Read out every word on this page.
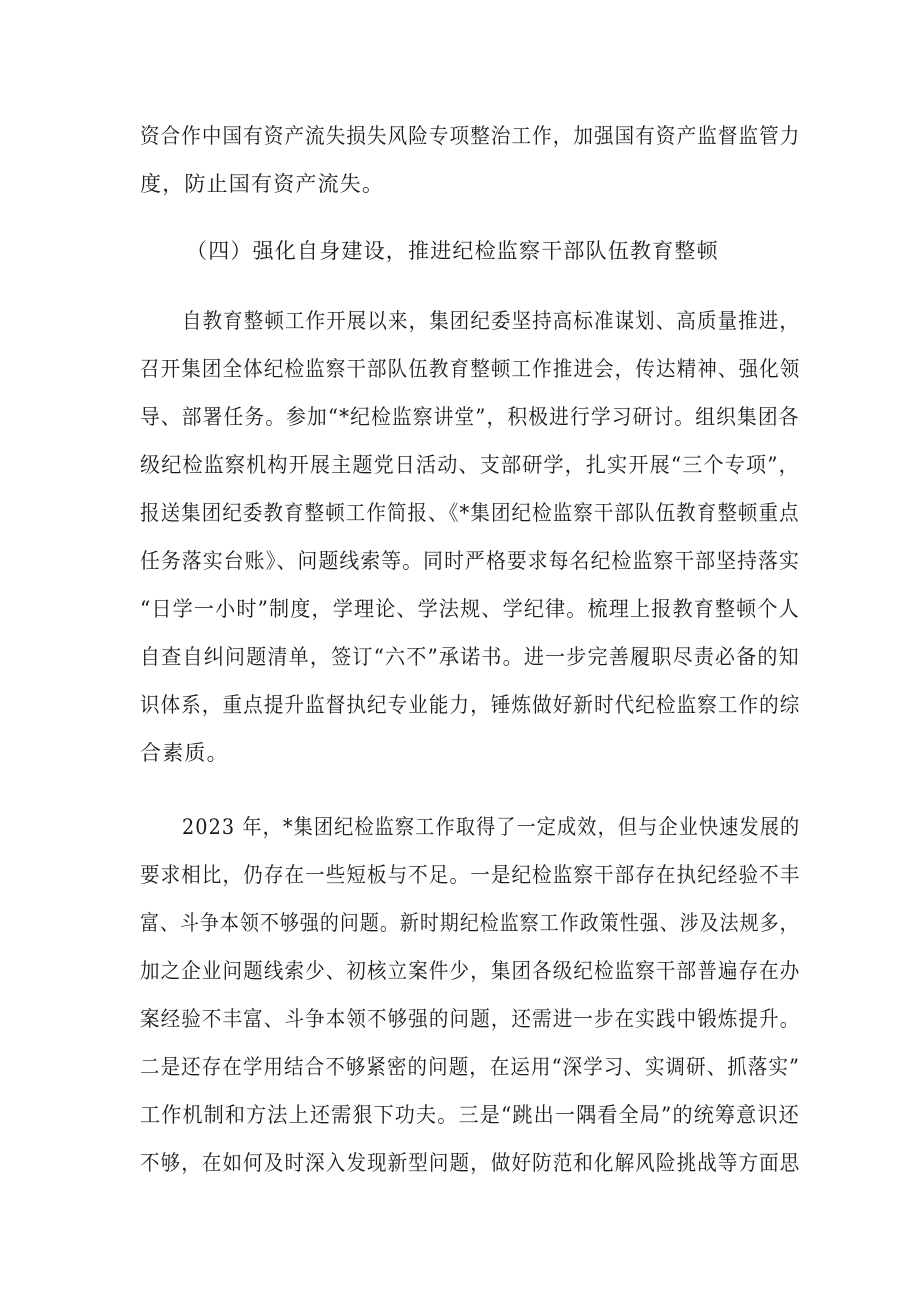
资合作中国有资产流失损失风险专项整治工作，加强国有资产监督监管力
度，防止国有资产流失。
（四）强化自身建设，推进纪检监察干部队伍教育整顿
自教育整顿工作开展以来，集团纪委坚持高标准谋划、高质量推进，
召开集团全体纪检监察干部队伍教育整顿工作推进会，传达精神、强化领
导、部署任务。参加“*纪检监察讲堂”，积极进行学习研讨。组织集团各
级纪检监察机构开展主题党日活动、支部研学，扎实开展“三个专项”，
报送集团纪委教育整顿工作简报、《*集团纪检监察干部队伍教育整顿重点
任务落实台账》、问题线索等。同时严格要求每名纪检监察干部坚持落实
“日学一小时”制度，学理论、学法规、学纪律。梳理上报教育整顿个人
自查自纠问题清单，签订“六不”承诺书。进一步完善履职尽责必备的知
识体系，重点提升监督执纪专业能力，锤炼做好新时代纪检监察工作的综
合素质。
2023 年，*集团纪检监察工作取得了一定成效，但与企业快速发展的
要求相比，仍存在一些短板与不足。一是纪检监察干部存在执纪经验不丰
富、斗争本领不够强的问题。新时期纪检监察工作政策性强、涉及法规多，
加之企业问题线索少、初核立案件少，集团各级纪检监察干部普遍存在办
案经验不丰富、斗争本领不够强的问题，还需进一步在实践中锻炼提升。
二是还存在学用结合不够紧密的问题，在运用“深学习、实调研、抓落实”
工作机制和方法上还需狠下功夫。三是“跳出一隅看全局”的统筹意识还
不够，在如何及时深入发现新型问题，做好防范和化解风险挑战等方面思
